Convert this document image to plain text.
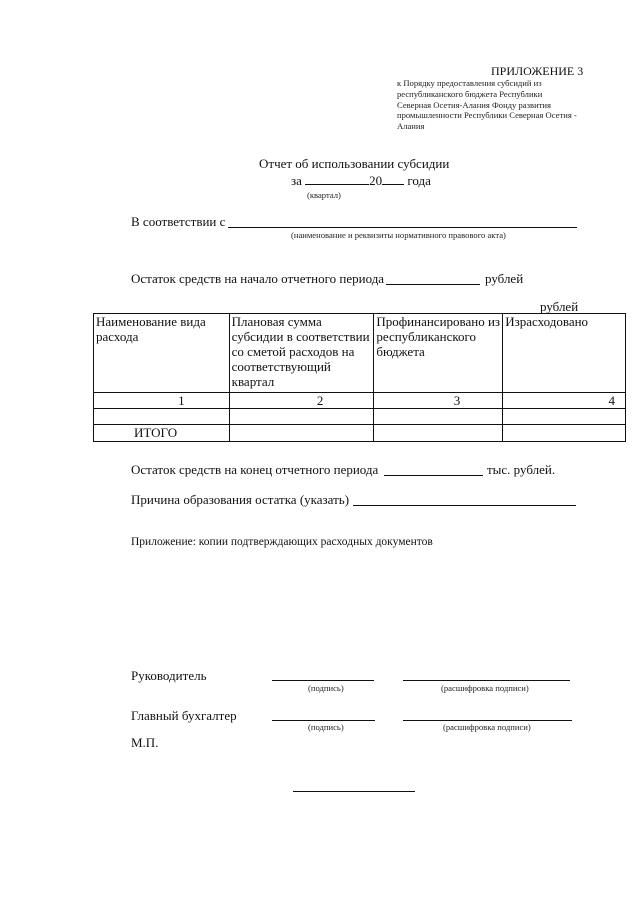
ПРИЛОЖЕНИЕ 3
к Порядку предоставления субсидий из
республиканского бюджета Республики
Северная Осетия-Алания Фонду развития
промышленности Республики Северная Осетия -
Алания
Отчет об использовании субсидии
за	20 года
(квартал)
В соответствии с
(наименование и реквизиты нормативного правового акта)
Остаток средств на начало отчетного периода	рублей
рублей
Наименование вида расхода	Плановая сумма субсидии в соответствии со сметой расходов на соответствующий квартал	Профинансировано из республиканского бюджета	Израсходовано
1	2	3	4

ИТОГО			
Остаток средств на конец отчетного периода	тыс. рублей.
Причина образования остатка (указать)
Приложение: копии подтверждающих расходных документов
Руководитель
(подпись)	(расшифровка подписи)
Главный бухгалтер
(подпись)	(расшифровка подписи)
М.П.
